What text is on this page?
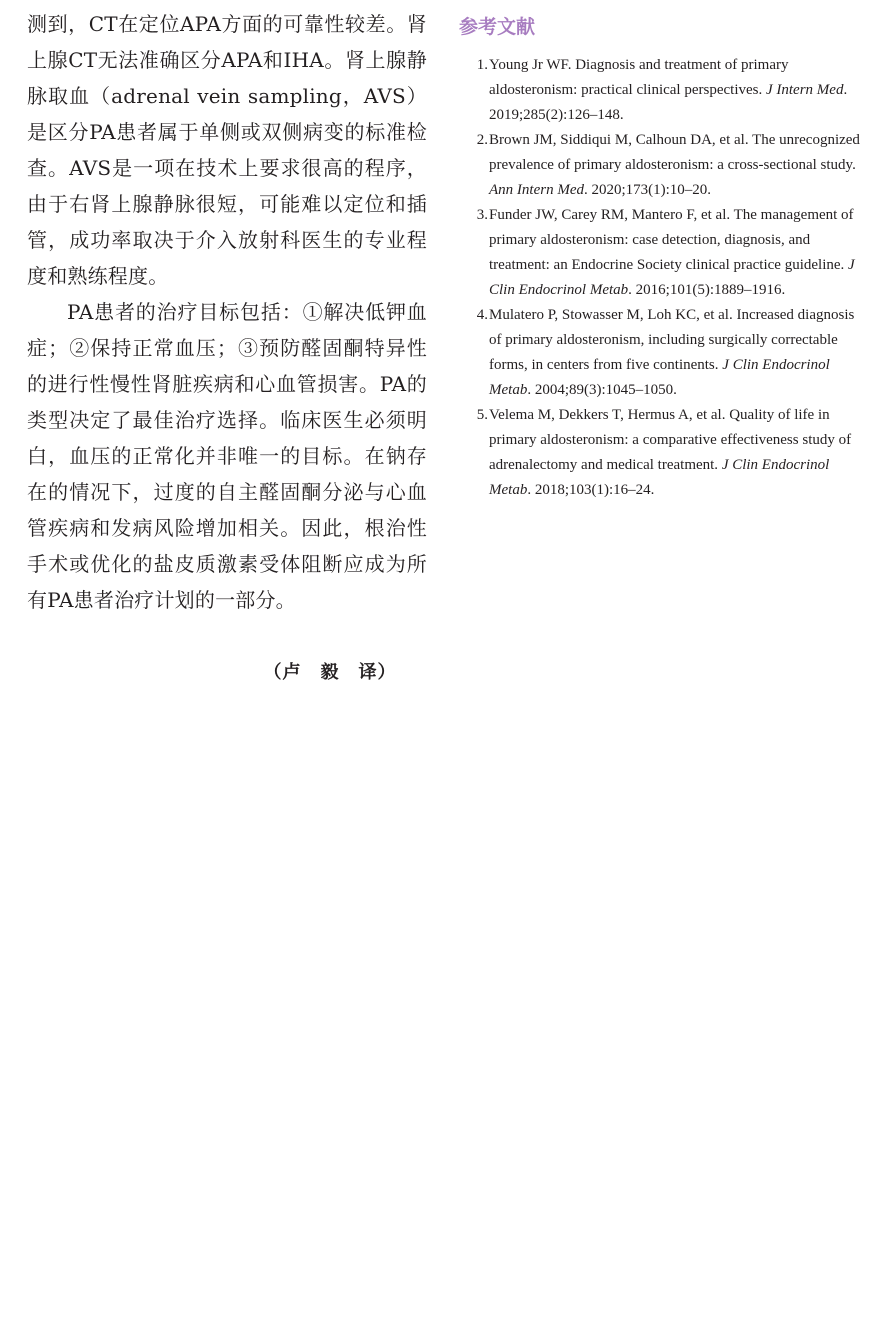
测到，CT在定位APA方面的可靠性较差。肾上腺CT无法准确区分APA和IHA。肾上腺静脉取血（adrenal vein sampling，AVS）是区分PA患者属于单侧或双侧病变的标准检查。AVS是一项在技术上要求很高的程序，由于右肾上腺静脉很短，可能难以定位和插管，成功率取决于介入放射科医生的专业程度和熟练程度。

PA患者的治疗目标包括：①解决低钾血症；②保持正常血压；③预防醛固酮特异性的进行性慢性肾脏疾病和心血管损害。PA的类型决定了最佳治疗选择。临床医生必须明白，血压的正常化并非唯一的目标。在钠存在的情况下，过度的自主醛固酮分泌与心血管疾病和发病风险增加相关。因此，根治性手术或优化的盐皮质激素受体阻断应成为所有PA患者治疗计划的一部分。

（卢　毅　译）
参考文献
1. Young Jr WF. Diagnosis and treatment of primary aldosteronism: practical clinical perspectives. J Intern Med. 2019;285(2):126–148.
2. Brown JM, Siddiqui M, Calhoun DA, et al. The unrecognized prevalence of primary aldosteronism: a cross-sectional study. Ann Intern Med. 2020;173(1):10–20.
3. Funder JW, Carey RM, Mantero F, et al. The management of primary aldosteronism: case detection, diagnosis, and treatment: an Endocrine Society clinical practice guideline. J Clin Endocrinol Metab. 2016;101(5):1889–1916.
4. Mulatero P, Stowasser M, Loh KC, et al. Increased diagnosis of primary aldosteronism, including surgically correctable forms, in centers from five continents. J Clin Endocrinol Metab. 2004;89(3):1045–1050.
5. Velema M, Dekkers T, Hermus A, et al. Quality of life in primary aldosteronism: a comparative effectiveness study of adrenalectomy and medical treatment. J Clin Endocrinol Metab. 2018;103(1):16–24.
